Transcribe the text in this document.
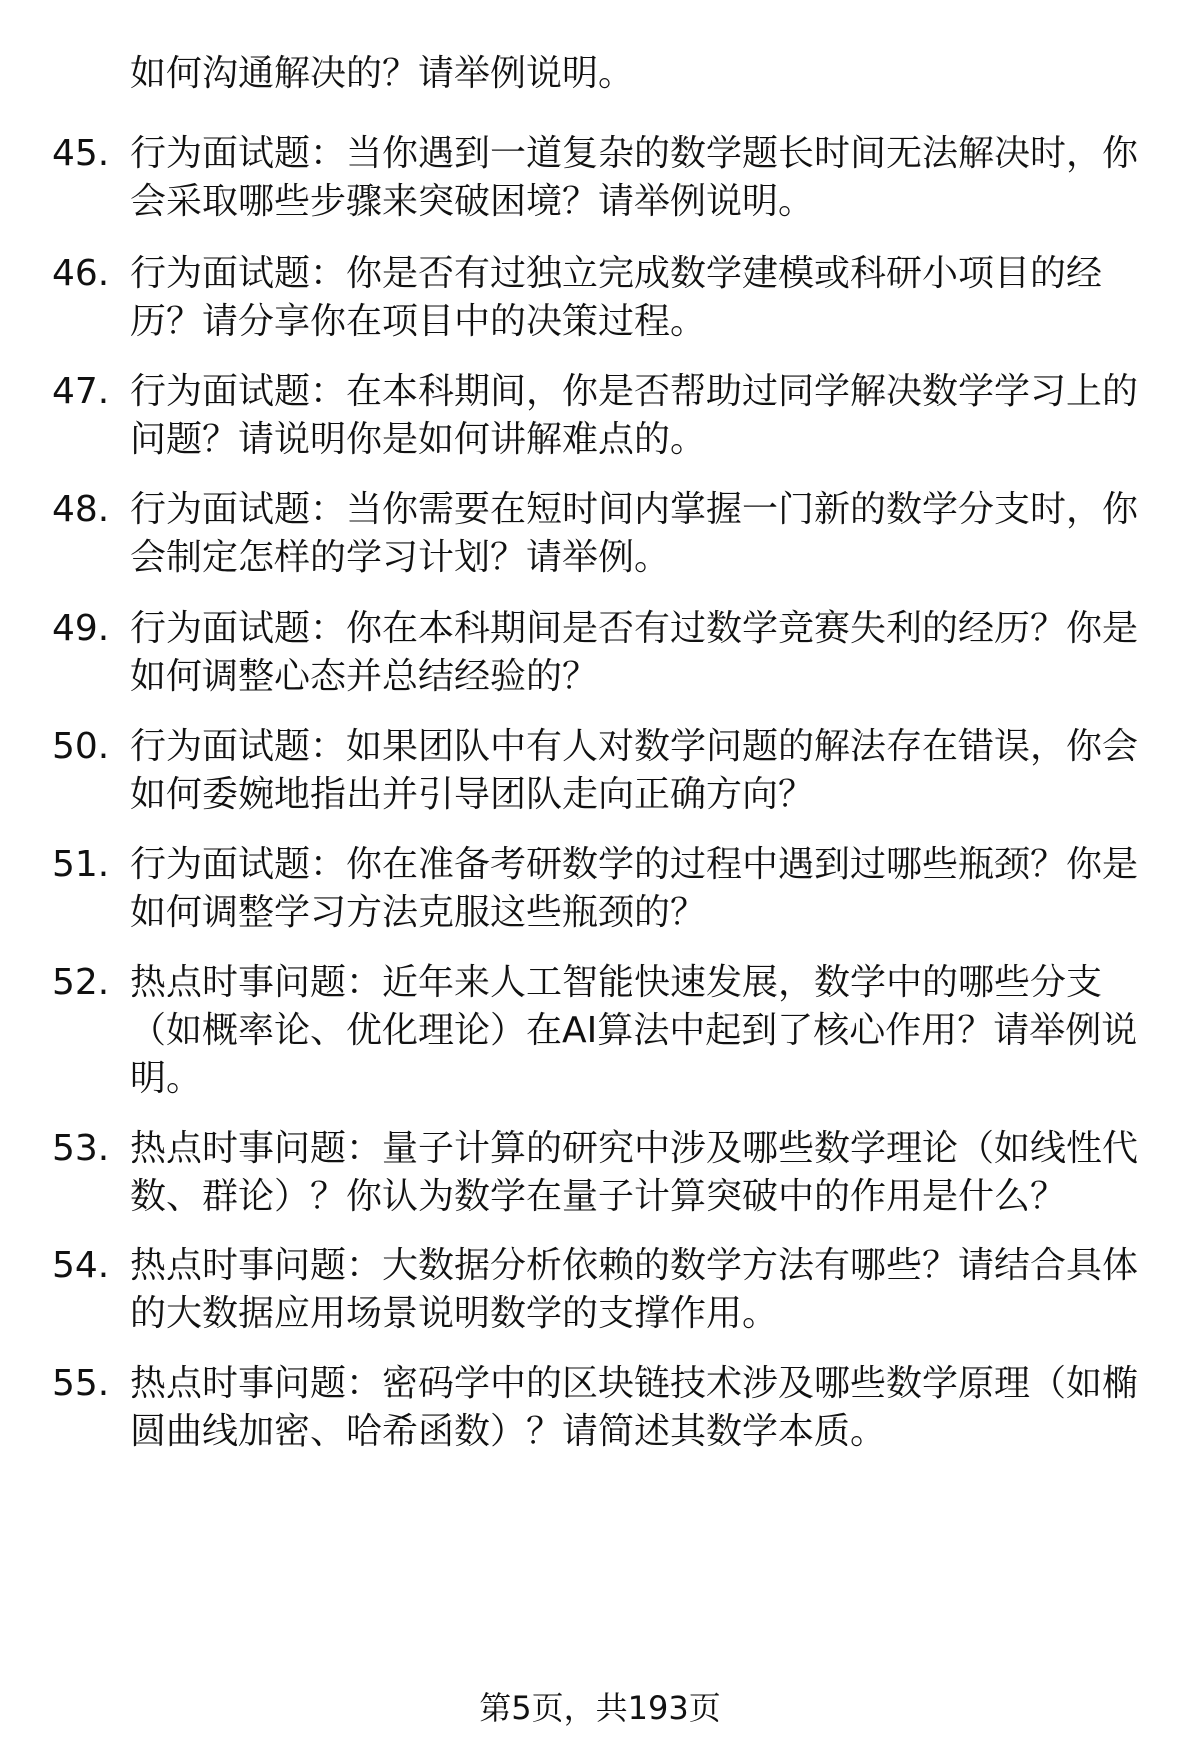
如何沟通解决的？请举例说明。
45. 行为面试题：当你遇到一道复杂的数学题长时间无法解决时，你
会采取哪些步骤来突破困境？请举例说明。
46. 行为面试题：你是否有过独立完成数学建模或科研小项目的经
历？请分享你在项目中的决策过程。
47. 行为面试题：在本科期间，你是否帮助过同学解决数学学习上的
问题？请说明你是如何讲解难点的。
48. 行为面试题：当你需要在短时间内掌握一门新的数学分支时，你
会制定怎样的学习计划？请举例。
49. 行为面试题：你在本科期间是否有过数学竞赛失利的经历？你是
如何调整心态并总结经验的？
50. 行为面试题：如果团队中有人对数学问题的解法存在错误，你会
如何委婉地指出并引导团队走向正确方向？
51. 行为面试题：你在准备考研数学的过程中遇到过哪些瓶颈？你是
如何调整学习方法克服这些瓶颈的？
52. 热点时事问题：近年来人工智能快速发展，数学中的哪些分支
（如概率论、优化理论）在AI算法中起到了核心作用？请举例说
明。
53. 热点时事问题：量子计算的研究中涉及哪些数学理论（如线性代
数、群论）？你认为数学在量子计算突破中的作用是什么？
54. 热点时事问题：大数据分析依赖的数学方法有哪些？请结合具体
的大数据应用场景说明数学的支撑作用。
55. 热点时事问题：密码学中的区块链技术涉及哪些数学原理（如椭
圆曲线加密、哈希函数）？请简述其数学本质。
第5页，共193页
